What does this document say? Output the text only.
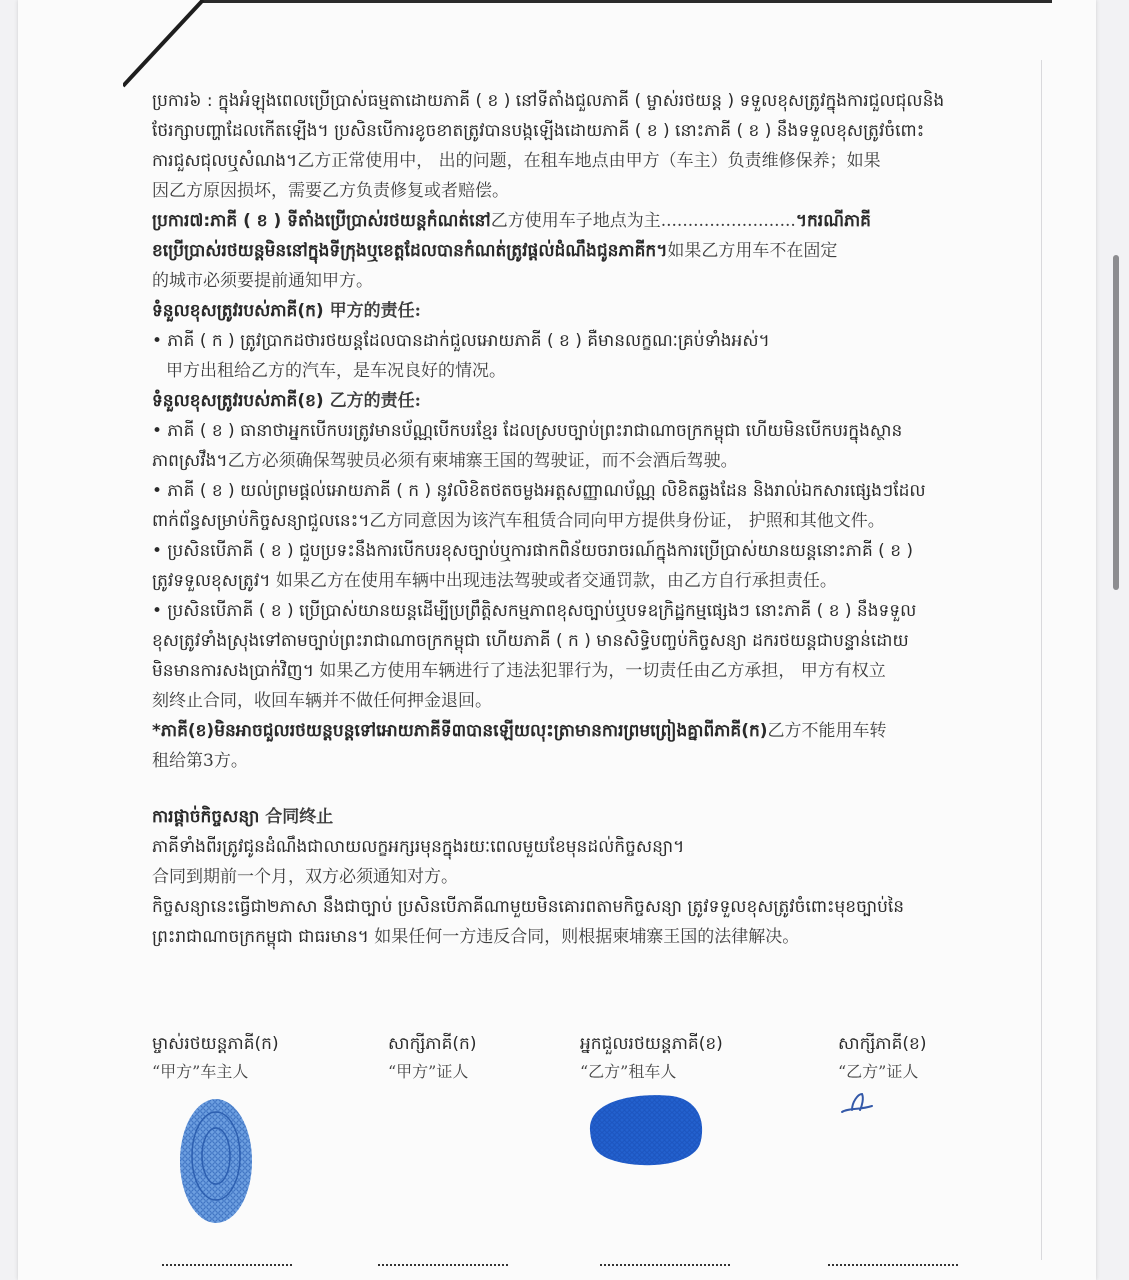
ប្រការ៦ : ក្នុងអំឡុងពេលប្រើប្រាស់ធម្មតាដោយភាគី ( ខ ) នៅទីតាំងជួលភាគី ( ម្ចាស់រថយន្ត ) ទទួលខុសត្រូវក្នុងការជួលជុលនិង

ថែរក្សាបញ្ហាដែលកើតឡើង។ ប្រសិនបើការខូចខាតត្រូវបានបង្កឡើងដោយភាគី ( ខ ) នោះភាគី ( ខ ) នឹងទទួលខុសត្រូវចំពោះ

ការជួសជុលឬសំណង។乙方正常使用中， 出的问题，在租车地点由甲方（车主）负责维修保养；如果

因乙方原因损坏，需要乙方负责修复或者赔偿。

ប្រការ៧:ភាគី ( ខ ) ទីតាំងប្រើប្រាស់រថយន្តកំណត់នៅ乙方使用车子地点为主.........................។ករណីភាគី

ខប្រើប្រាស់រថយន្តមិននៅក្នុងទីក្រុងឬខេត្តដែលបានកំណត់ត្រូវផ្តល់ដំណឹងជូនភាគីក។如果乙方用车不在固定

的城市必须要提前通知甲方。

ទំនួលខុសត្រូវរបស់ភាគី(ក) 甲方的责任:

• ភាគី ( ក ) ត្រូវប្រាកដថារថយន្តដែលបានដាក់ជួលអោយភាគី ( ខ ) គឺមានលក្ខណៈគ្រប់ទាំងអស់។

甲方出租给乙方的汽车，是车况良好的情况。

ទំនួលខុសត្រូវរបស់ភាគី(ខ) 乙方的责任:

• ភាគី ( ខ ) ធានាថាអ្នកបើកបរត្រូវមានប័ណ្ណបើកបរខ្មែរ ដែលស្របច្បាប់ព្រះរាជាណាចក្រកម្ពុជា ហើយមិនបើកបរក្នុងស្ថាន

ភាពស្រវឹង។乙方必须确保驾驶员必须有柬埔寨王国的驾驶证，而不会酒后驾驶。

• ភាគី ( ខ ) យល់ព្រមផ្តល់អោយភាគី ( ក ) នូវលិខិតថតចម្លងអត្តសញ្ញាណប័ណ្ណ លិខិតឆ្លងដែន និងរាល់ឯកសារផ្សេងៗដែល

ពាក់ព័ន្ធសម្រាប់កិច្ចសន្យាជួលនេះ។乙方同意因为该汽车租赁合同向甲方提供身份证， 护照和其他文件。

• ប្រសិនបើភាគី ( ខ ) ជួបប្រទះនឹងការបើកបរខុសច្បាប់ឬការផាកពិន័យចរាចរណ៍ក្នុងការប្រើប្រាស់យានយន្តនោះភាគី ( ខ )

ត្រូវទទួលខុសត្រូវ។ 如果乙方在使用车辆中出现违法驾驶或者交通罚款，由乙方自行承担责任。

• ប្រសិនបើភាគី ( ខ ) ប្រើប្រាស់យានយន្តដើម្បីប្រព្រឹត្តិសកម្មភាពខុសច្បាប់ឬបទឧក្រិដ្ឋកម្មផ្សេងៗ នោះភាគី ( ខ ) នឹងទទួល

ខុសត្រូវទាំងស្រុងទៅតាមច្បាប់ព្រះរាជាណាចក្រកម្ពុជា ហើយភាគី ( ក ) មានសិទ្ធិបញ្ចប់កិច្ចសន្យា ដករថយន្តជាបន្ទាន់ដោយ

មិនមានការសងប្រាក់វិញ។ 如果乙方使用车辆进行了违法犯罪行为，一切责任由乙方承担， 甲方有权立

刻终止合同，收回车辆并不做任何押金退回。

*ភាគី(ខ)មិនអាចជួលរថយន្តបន្តទៅអោយភាគីទី៣បានឡើយលុះត្រាមានការព្រមព្រៀងគ្នាពីភាគី(ក)乙方不能用车转

租给第3方。

ការផ្តាច់កិច្ចសន្យា 合同终止

ភាគីទាំងពីរត្រូវជូនដំណឹងជាលាយលក្ខអក្សរមុនក្នុងរយៈពេលមួយខែមុនដល់កិច្ចសន្យា។

合同到期前一个月，双方必须通知对方。

កិច្ចសន្យានេះធ្វើជា២ភាសា នឹងជាច្បាប់ ប្រសិនបើភាគីណាមួយមិនគោរពតាមកិច្ចសន្យា ត្រូវទទួលខុសត្រូវចំពោះមុខច្បាប់នៃ

ព្រះរាជាណាចក្រកម្ពុជា ជាធរមាន។ 如果任何一方违反合同，则根据柬埔寨王国的法律解决。

ម្ចាស់រថយន្តភាគី(ក)
“甲方”车主人
សាក្សីភាគី(ក)
“甲方”证人
អ្នកជួលរថយន្តភាគី(ខ)
“乙方”租车人
សាក្សីភាគី(ខ)
“乙方”证人
